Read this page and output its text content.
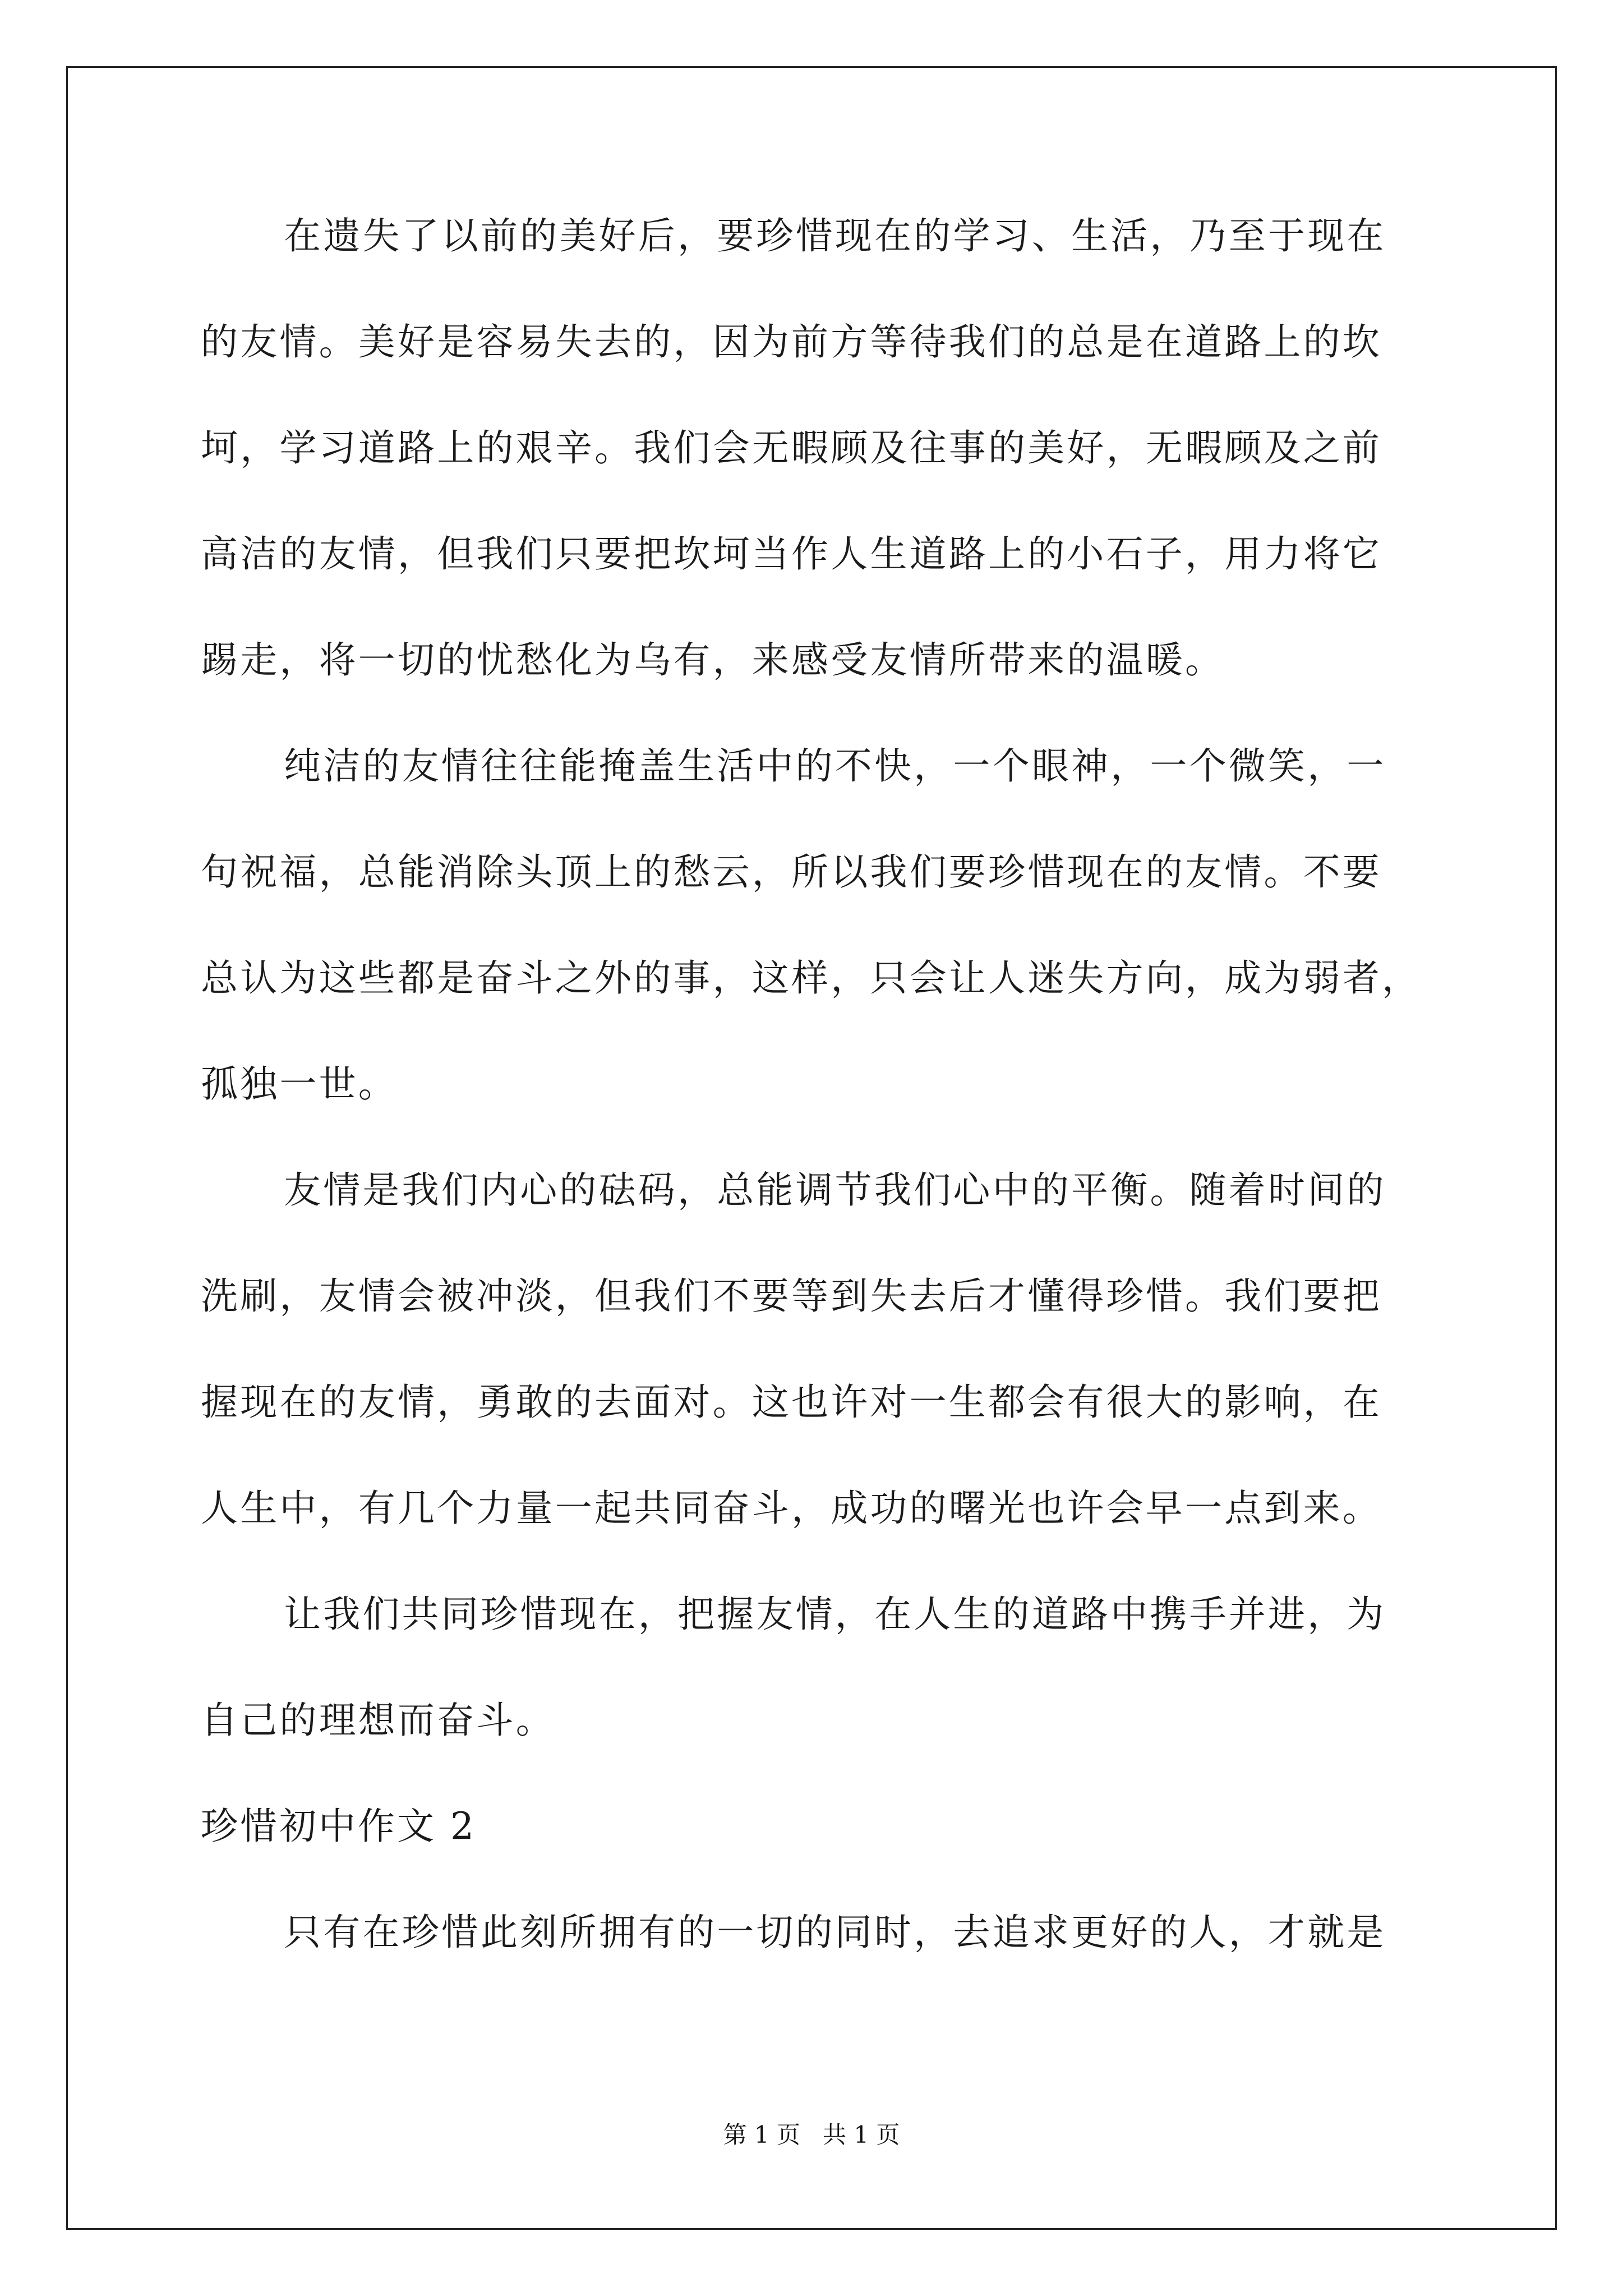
在遗失了以前的美好后，要珍惜现在的学习、生活，乃至于现在
的友情。美好是容易失去的，因为前方等待我们的总是在道路上的坎
坷，学习道路上的艰辛。我们会无暇顾及往事的美好，无暇顾及之前
高洁的友情，但我们只要把坎坷当作人生道路上的小石子，用力将它
踢走，将一切的忧愁化为乌有，来感受友情所带来的温暖。
纯洁的友情往往能掩盖生活中的不快，一个眼神，一个微笑，一
句祝福，总能消除头顶上的愁云，所以我们要珍惜现在的友情。不要
总认为这些都是奋斗之外的事，这样，只会让人迷失方向，成为弱者，
孤独一世。
友情是我们内心的砝码，总能调节我们心中的平衡。随着时间的
洗刷，友情会被冲淡，但我们不要等到失去后才懂得珍惜。我们要把
握现在的友情，勇敢的去面对。这也许对一生都会有很大的影响，在
人生中，有几个力量一起共同奋斗，成功的曙光也许会早一点到来。
让我们共同珍惜现在，把握友情，在人生的道路中携手并进，为
自己的理想而奋斗。
珍惜初中作文 2
只有在珍惜此刻所拥有的一切的同时，去追求更好的人，才就是
第 1 页 共 1 页
